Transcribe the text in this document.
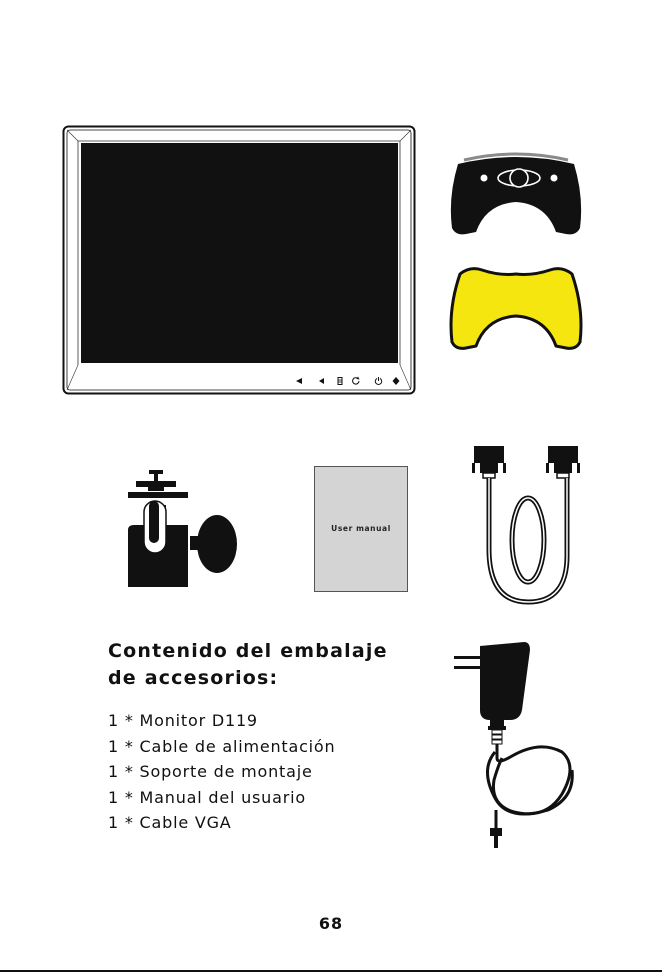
User manual
Contenido del embalaje
de accesorios:
1 * Monitor D119
1 * Cable de alimentación
1 * Soporte de montaje
1 * Manual del usuario
1 * Cable VGA
68
